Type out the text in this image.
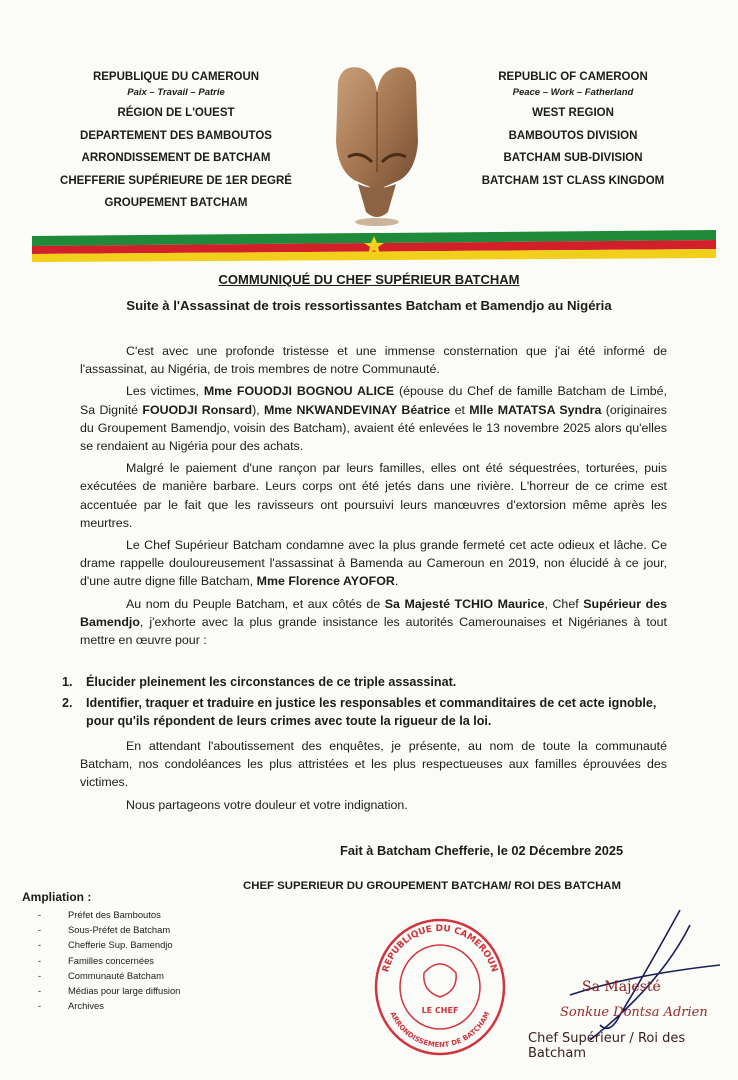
REPUBLIQUE DU CAMEROUN
Paix – Travail – Patrie
RÉGION DE L'OUEST
DEPARTEMENT DES BAMBOUTOS
ARRONDISSEMENT DE BATCHAM
CHEFFERIE SUPÉRIEURE DE 1ER DEGRÉ
GROUPEMENT BATCHAM
REPUBLIC OF CAMEROON
Peace – Work – Fatherland
WEST REGION
BAMBOUTOS DIVISION
BATCHAM SUB-DIVISION
BATCHAM 1ST CLASS KINGDOM
COMMUNIQUÉ DU CHEF SUPÉRIEUR BATCHAM
Suite à l'Assassinat de trois ressortissantes Batcham et Bamendjo au Nigéria

C'est avec une profonde tristesse et une immense consternation que j'ai été informé de l'assassinat, au Nigéria, de trois membres de notre Communauté.

Les victimes, Mme FOUODJI BOGNOU ALICE (épouse du Chef de famille Batcham de Limbé, Sa Dignité FOUODJI Ronsard), Mme NKWANDEVINAY Béatrice et Mlle MATATSA Syndra (originaires du Groupement Bamendjo, voisin des Batcham), avaient été enlevées le 13 novembre 2025 alors qu'elles se rendaient au Nigéria pour des achats.

Malgré le paiement d'une rançon par leurs familles, elles ont été séquestrées, torturées, puis exécutées de manière barbare. Leurs corps ont été jetés dans une rivière. L'horreur de ce crime est accentuée par le fait que les ravisseurs ont poursuivi leurs manœuvres d'extorsion même après les meurtres.

Le Chef Supérieur Batcham condamne avec la plus grande fermeté cet acte odieux et lâche. Ce drame rappelle douloureusement l'assassinat à Bamenda au Cameroun en 2019, non élucidé à ce jour, d'une autre digne fille Batcham, Mme Florence AYOFOR.

Au nom du Peuple Batcham, et aux côtés de Sa Majesté TCHIO Maurice, Chef Supérieur des Bamendjo, j'exhorte avec la plus grande insistance les autorités Camerounaises et Nigérianes à tout mettre en œuvre pour :

1.	Élucider pleinement les circonstances de ce triple assassinat.
2.	Identifier, traquer et traduire en justice les responsables et commanditaires de cet acte ignoble, pour qu'ils répondent de leurs crimes avec toute la rigueur de la loi.

En attendant l'aboutissement des enquêtes, je présente, au nom de toute la communauté Batcham, nos condoléances les plus attristées et les plus respectueuses aux familles éprouvées des victimes.

Nous partageons votre douleur et votre indignation.

Fait à Batcham Chefferie, le 02 Décembre 2025
CHEF SUPERIEUR DU GROUPEMENT BATCHAM/ ROI DES BATCHAM
Ampliation :
-	Préfet des Bamboutos
-	Sous-Préfet de Batcham
-	Chefferie Sup. Bamendjo
-	Familles concernées
-	Communauté Batcham
-	Médias pour large diffusion
-	Archives
REPUBLIQUE DU CAMEROUN
ARRONDISSEMENT DE BATCHAM
LE CHEF
Sa Majesté
Sonkue Dontsa Adrien
Chef Supérieur / Roi des Batcham
